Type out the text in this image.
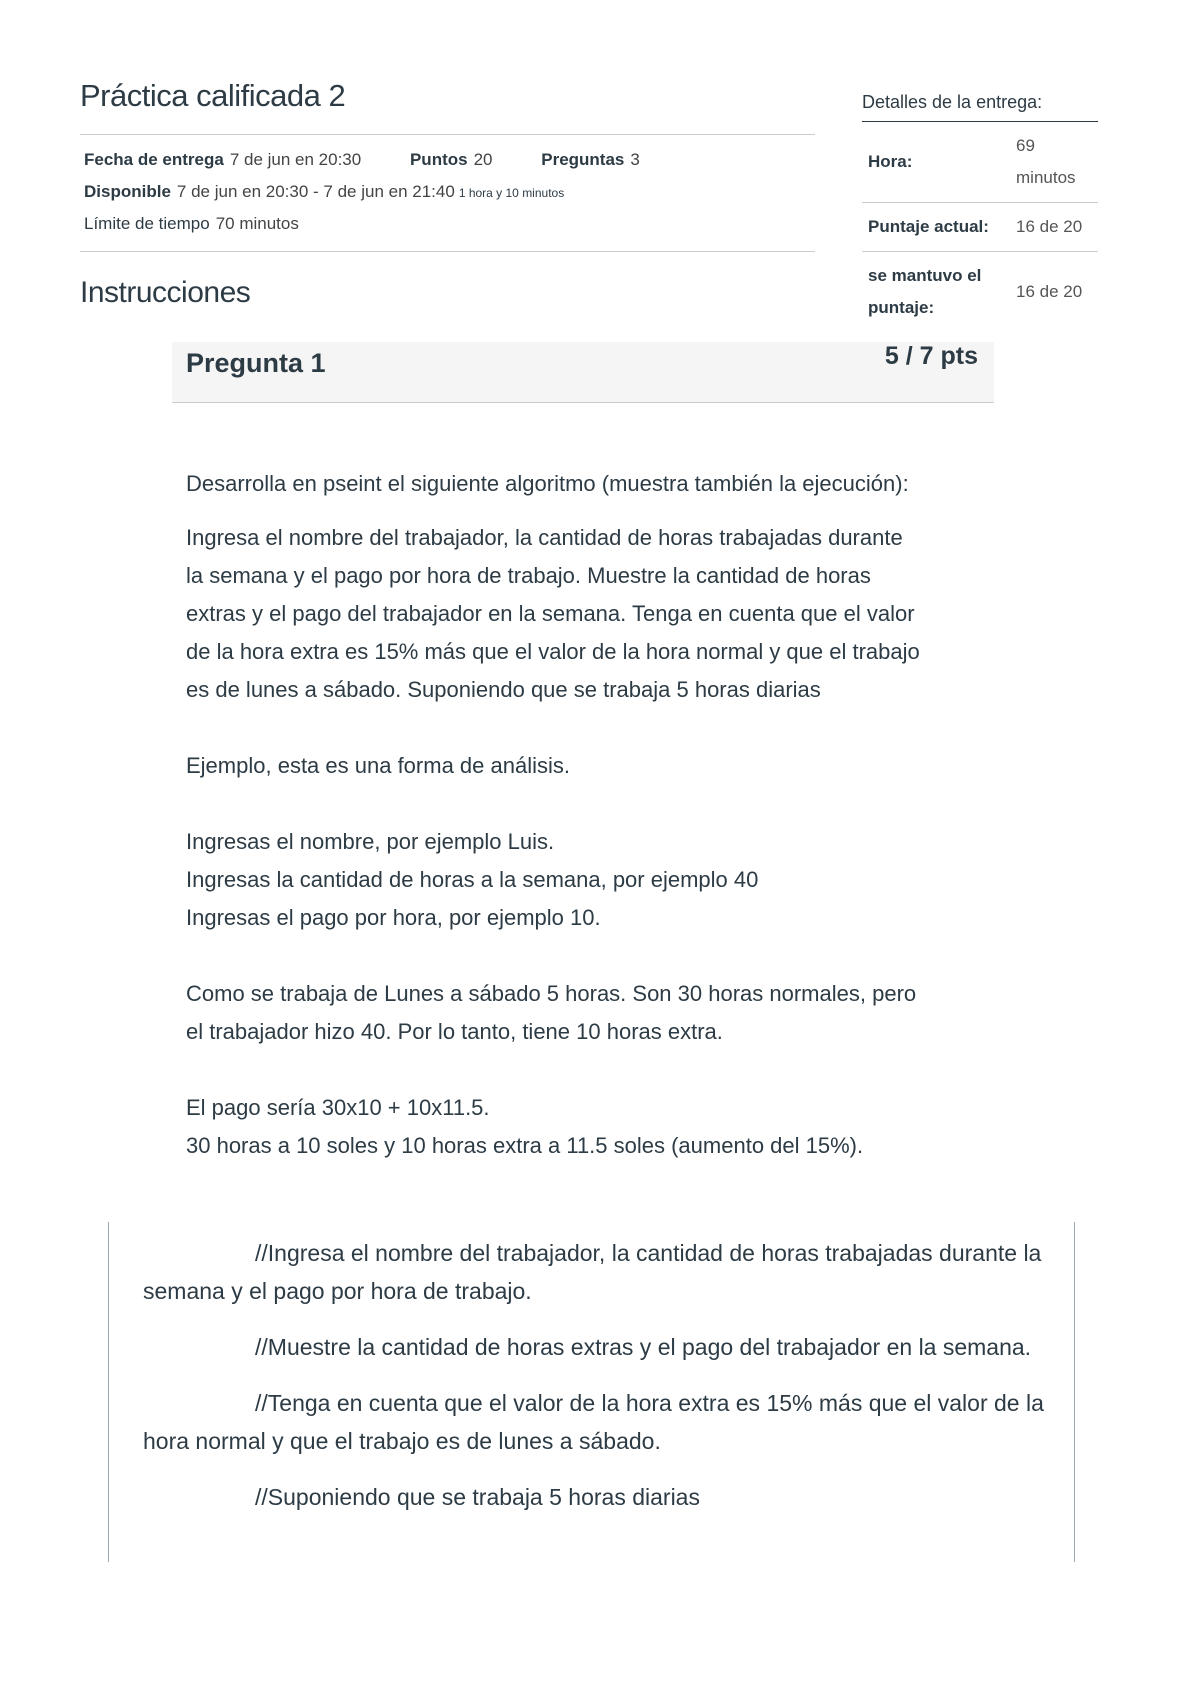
Práctica calificada 2
Fecha de entrega 7 de jun en 20:30	Puntos 20	Preguntas 3
Disponible 7 de jun en 20:30 - 7 de jun en 21:40 1 hora y 10 minutos
Límite de tiempo 70 minutos
Instrucciones
Detalles de la entrega:
Hora:
69 minutos
Puntaje actual:	16 de 20
se mantuvo el puntaje:
16 de 20
Pregunta 1	5 / 7 pts

Desarrolla en pseint el siguiente algoritmo (muestra también la ejecución):

Ingresa el nombre del trabajador, la cantidad de horas trabajadas durante

la semana y el pago por hora de trabajo. Muestre la cantidad de horas

extras y el pago del trabajador en la semana. Tenga en cuenta que el valor

de la hora extra es 15% más que el valor de la hora normal y que el trabajo

es de lunes a sábado. Suponiendo que se trabaja 5 horas diarias

Ejemplo, esta es una forma de análisis.

Ingresas el nombre, por ejemplo Luis.

Ingresas la cantidad de horas a la semana, por ejemplo 40

Ingresas el pago por hora, por ejemplo 10.

Como se trabaja de Lunes a sábado 5 horas. Son 30 horas normales, pero

el trabajador hizo 40. Por lo tanto, tiene 10 horas extra.

El pago sería 30x10 + 10x11.5.

30 horas a 10 soles y 10 horas extra a 11.5 soles (aumento del 15%).

//Ingresa el nombre del trabajador, la cantidad de horas trabajadas durante la semana y el pago por hora de trabajo.

//Muestre la cantidad de horas extras y el pago del trabajador en la semana.

//Tenga en cuenta que el valor de la hora extra es 15% más que el valor de la hora normal y que el trabajo es de lunes a sábado.

//Suponiendo que se trabaja 5 horas diarias
